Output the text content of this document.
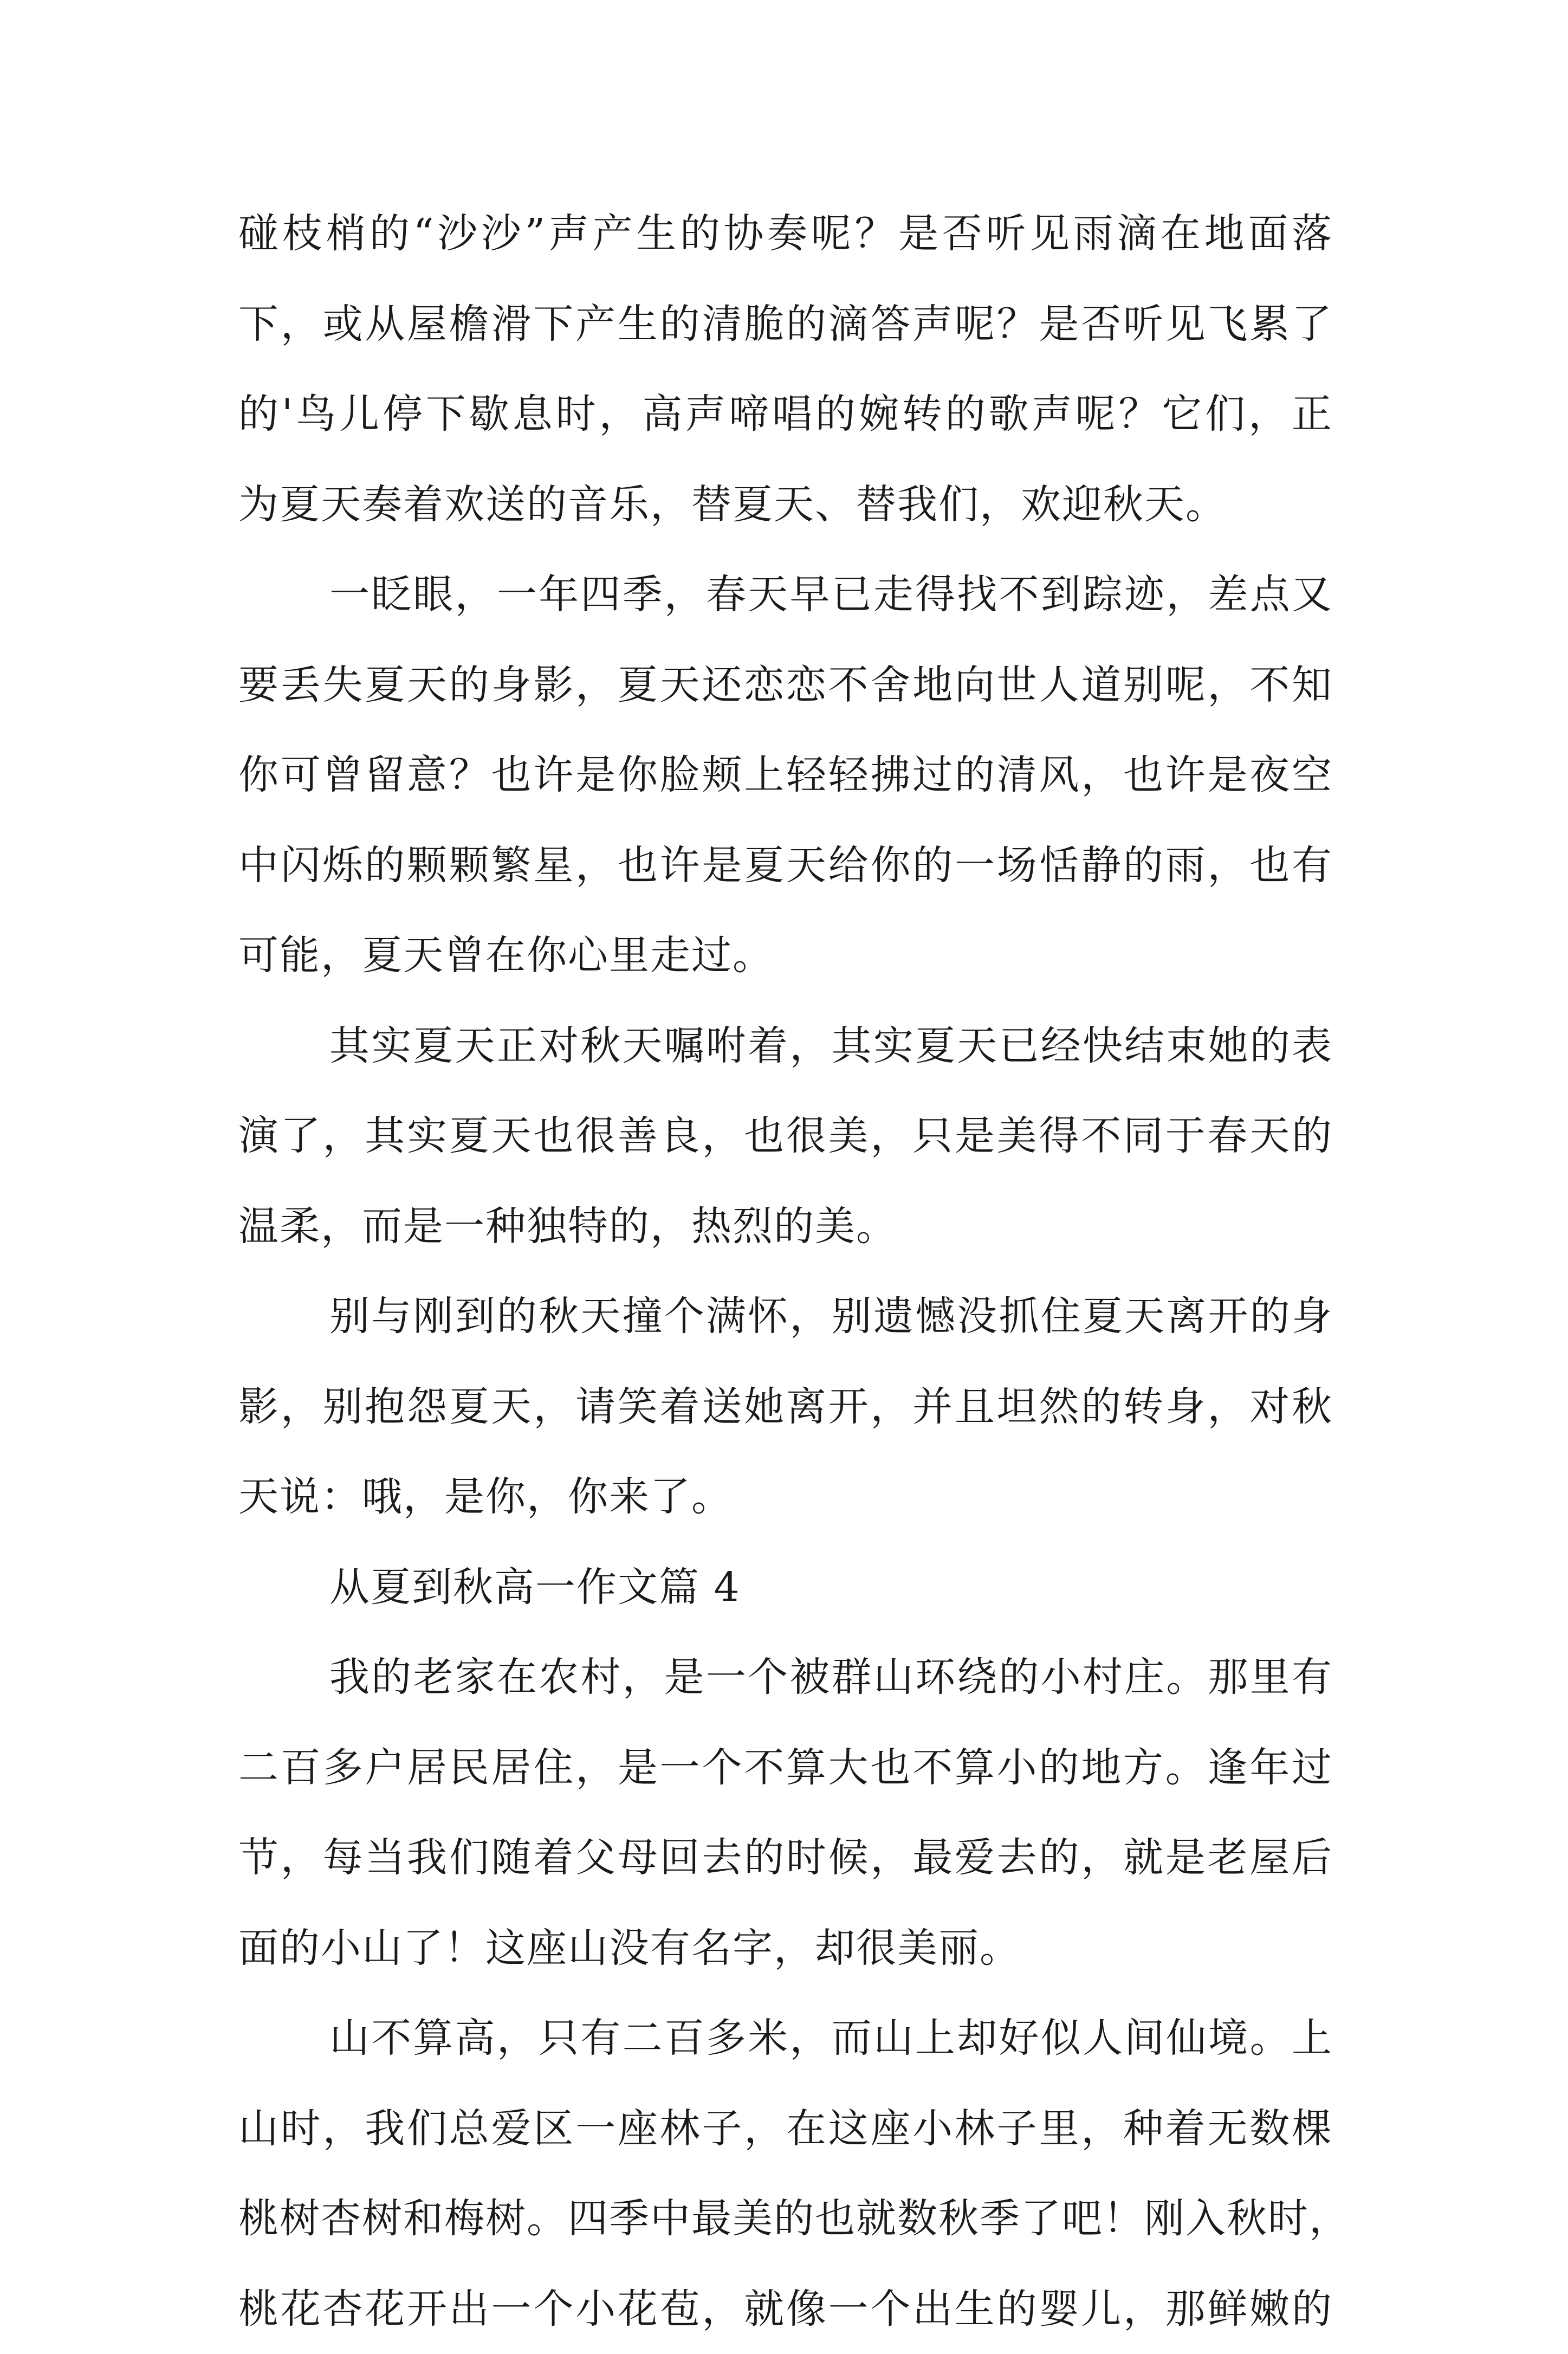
碰枝梢的“沙沙”声产生的协奏呢？是否听见雨滴在地面落
下，或从屋檐滑下产生的清脆的滴答声呢？是否听见飞累了
的'鸟儿停下歇息时，高声啼唱的婉转的歌声呢？它们，正
为夏天奏着欢送的音乐，替夏天、替我们，欢迎秋天。
一眨眼，一年四季，春天早已走得找不到踪迹，差点又
要丢失夏天的身影，夏天还恋恋不舍地向世人道别呢，不知
你可曾留意？也许是你脸颊上轻轻拂过的清风，也许是夜空
中闪烁的颗颗繁星，也许是夏天给你的一场恬静的雨，也有
可能，夏天曾在你心里走过。
其实夏天正对秋天嘱咐着，其实夏天已经快结束她的表
演了，其实夏天也很善良，也很美，只是美得不同于春天的
温柔，而是一种独特的，热烈的美。
别与刚到的秋天撞个满怀，别遗憾没抓住夏天离开的身
影，别抱怨夏天，请笑着送她离开，并且坦然的转身，对秋
天说：哦，是你，你来了。
从夏到秋高一作文篇 4
我的老家在农村，是一个被群山环绕的小村庄。那里有
二百多户居民居住，是一个不算大也不算小的地方。逢年过
节，每当我们随着父母回去的时候，最爱去的，就是老屋后
面的小山了！这座山没有名字，却很美丽。
山不算高，只有二百多米，而山上却好似人间仙境。上
山时，我们总爱区一座林子，在这座小林子里，种着无数棵
桃树杏树和梅树。四季中最美的也就数秋季了吧！刚入秋时，
桃花杏花开出一个小花苞，就像一个出生的婴儿，那鲜嫩的
